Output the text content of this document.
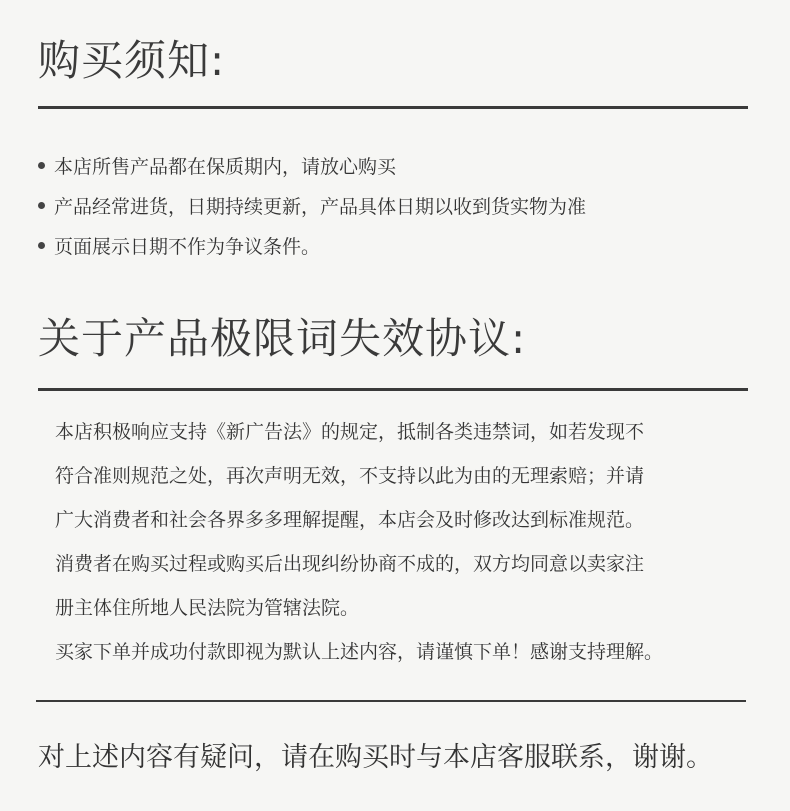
购买须知:
本店所售产品都在保质期内，请放心购买
产品经常进货，日期持续更新，产品具体日期以收到货实物为准
页面展示日期不作为争议条件。
关于产品极限词失效协议:

本店积极响应支持《新广告法》的规定，抵制各类违禁词，如若发现不

符合准则规范之处，再次声明无效，不支持以此为由的无理索赔；并请

广大消费者和社会各界多多理解提醒，本店会及时修改达到标准规范。

消费者在购买过程或购买后出现纠纷协商不成的，双方均同意以卖家注

册主体住所地人民法院为管辖法院。

买家下单并成功付款即视为默认上述内容，请谨慎下单！感谢支持理解。

对上述内容有疑问，请在购买时与本店客服联系，谢谢。
